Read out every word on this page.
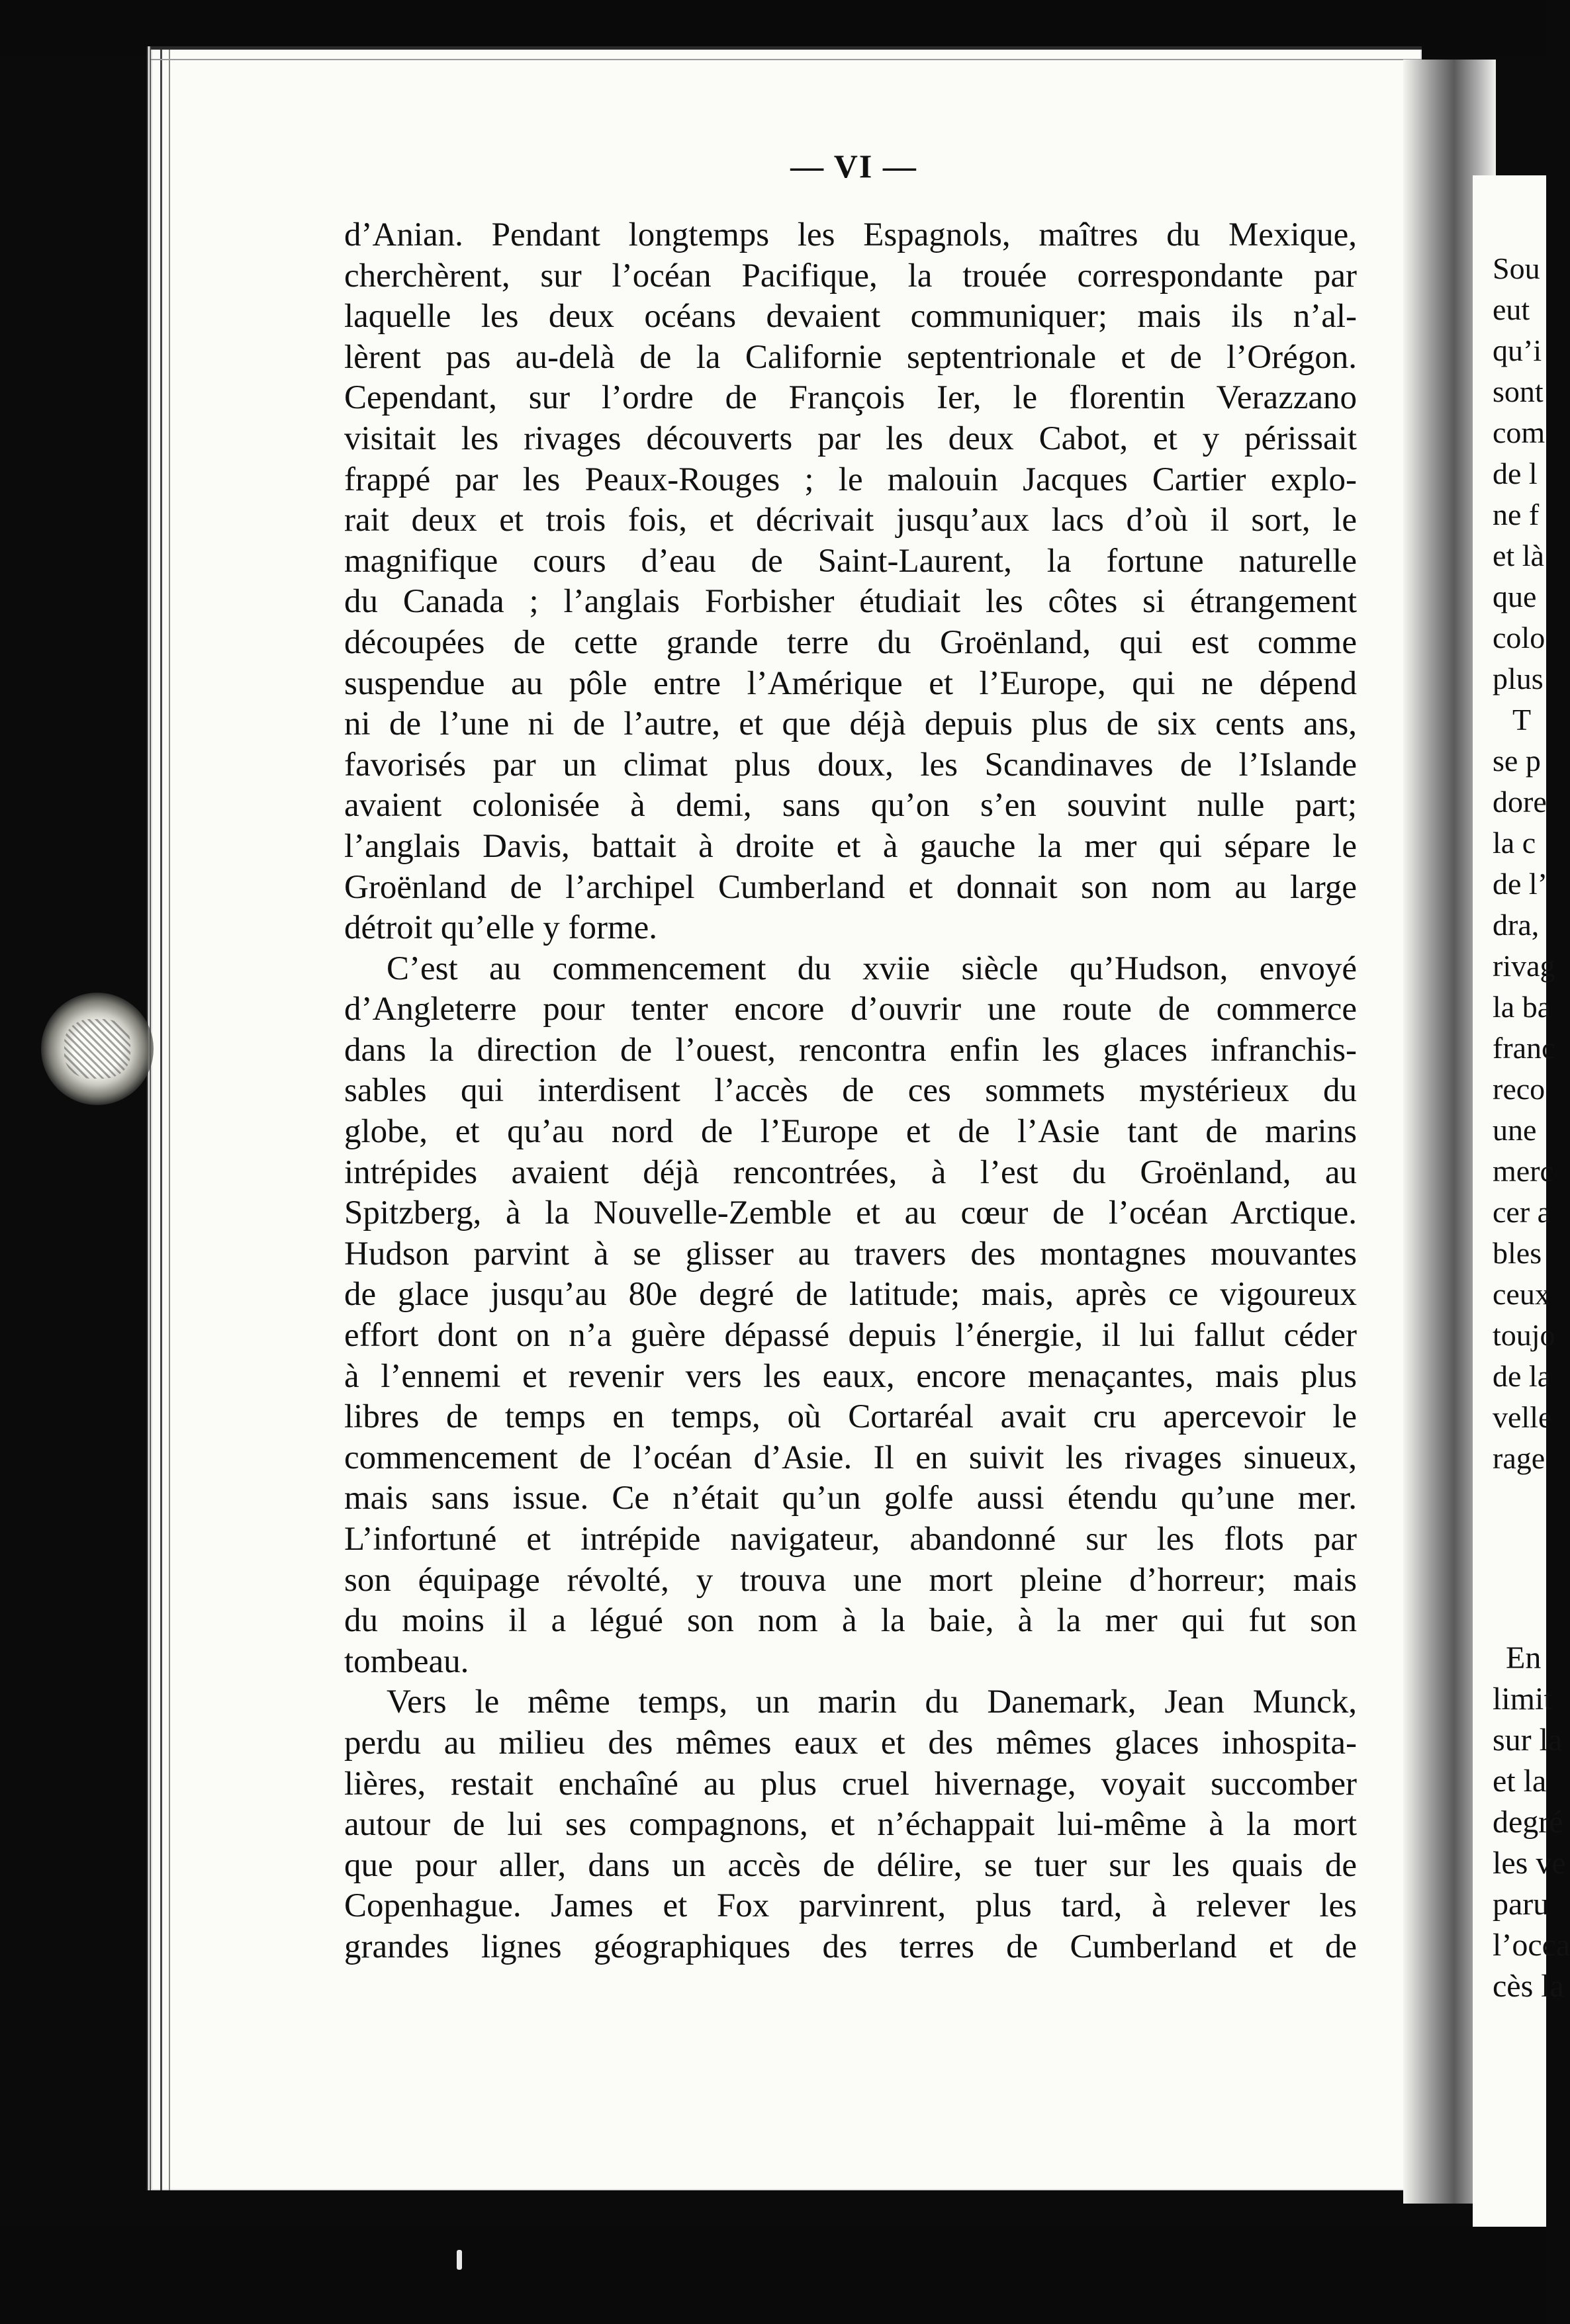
Sou
eut
qu’i
sont
com
de l
ne f
et là
que
colo
plus
T
se p
dore
la c
de l’
dra,
rivag
la ba
franc
reco
une
merc
cer a
bles
ceux
toujo
de la
velle
rage
En
limit
sur la
et la
degré
les ve
paru
l’occa
cès la
— VI —
d’Anian. Pendant longtemps les Espagnols, maîtres du Mexique,
cherchèrent, sur l’océan Pacifique, la trouée correspondante par
laquelle les deux océans devaient communiquer; mais ils n’al-
lèrent pas au-delà de la Californie septentrionale et de l’Orégon.
Cependant, sur l’ordre de François Ier, le florentin Verazzano
visitait les rivages découverts par les deux Cabot, et y périssait
frappé par les Peaux-Rouges ; le malouin Jacques Cartier explo-
rait deux et trois fois, et décrivait jusqu’aux lacs d’où il sort, le
magnifique cours d’eau de Saint-Laurent, la fortune naturelle
du Canada ; l’anglais Forbisher étudiait les côtes si étrangement
découpées de cette grande terre du Groënland, qui est comme
suspendue au pôle entre l’Amérique et l’Europe, qui ne dépend
ni de l’une ni de l’autre, et que déjà depuis plus de six cents ans,
favorisés par un climat plus doux, les Scandinaves de l’Islande
avaient colonisée à demi, sans qu’on s’en souvint nulle part;
l’anglais Davis, battait à droite et à gauche la mer qui sépare le
Groënland de l’archipel Cumberland et donnait son nom au large
détroit qu’elle y forme.
C’est au commencement du xviie siècle qu’Hudson, envoyé
d’Angleterre pour tenter encore d’ouvrir une route de commerce
dans la direction de l’ouest, rencontra enfin les glaces infranchis-
sables qui interdisent l’accès de ces sommets mystérieux du
globe, et qu’au nord de l’Europe et de l’Asie tant de marins
intrépides avaient déjà rencontrées, à l’est du Groënland, au
Spitzberg, à la Nouvelle-Zemble et au cœur de l’océan Arctique.
Hudson parvint à se glisser au travers des montagnes mouvantes
de glace jusqu’au 80e degré de latitude; mais, après ce vigoureux
effort dont on n’a guère dépassé depuis l’énergie, il lui fallut céder
à l’ennemi et revenir vers les eaux, encore menaçantes, mais plus
libres de temps en temps, où Cortaréal avait cru apercevoir le
commencement de l’océan d’Asie. Il en suivit les rivages sinueux,
mais sans issue. Ce n’était qu’un golfe aussi étendu qu’une mer.
L’infortuné et intrépide navigateur, abandonné sur les flots par
son équipage révolté, y trouva une mort pleine d’horreur; mais
du moins il a légué son nom à la baie, à la mer qui fut son
tombeau.
Vers le même temps, un marin du Danemark, Jean Munck,
perdu au milieu des mêmes eaux et des mêmes glaces inhospita-
lières, restait enchaîné au plus cruel hivernage, voyait succomber
autour de lui ses compagnons, et n’échappait lui-même à la mort
que pour aller, dans un accès de délire, se tuer sur les quais de
Copenhague. James et Fox parvinrent, plus tard, à relever les
grandes lignes géographiques des terres de Cumberland et de
